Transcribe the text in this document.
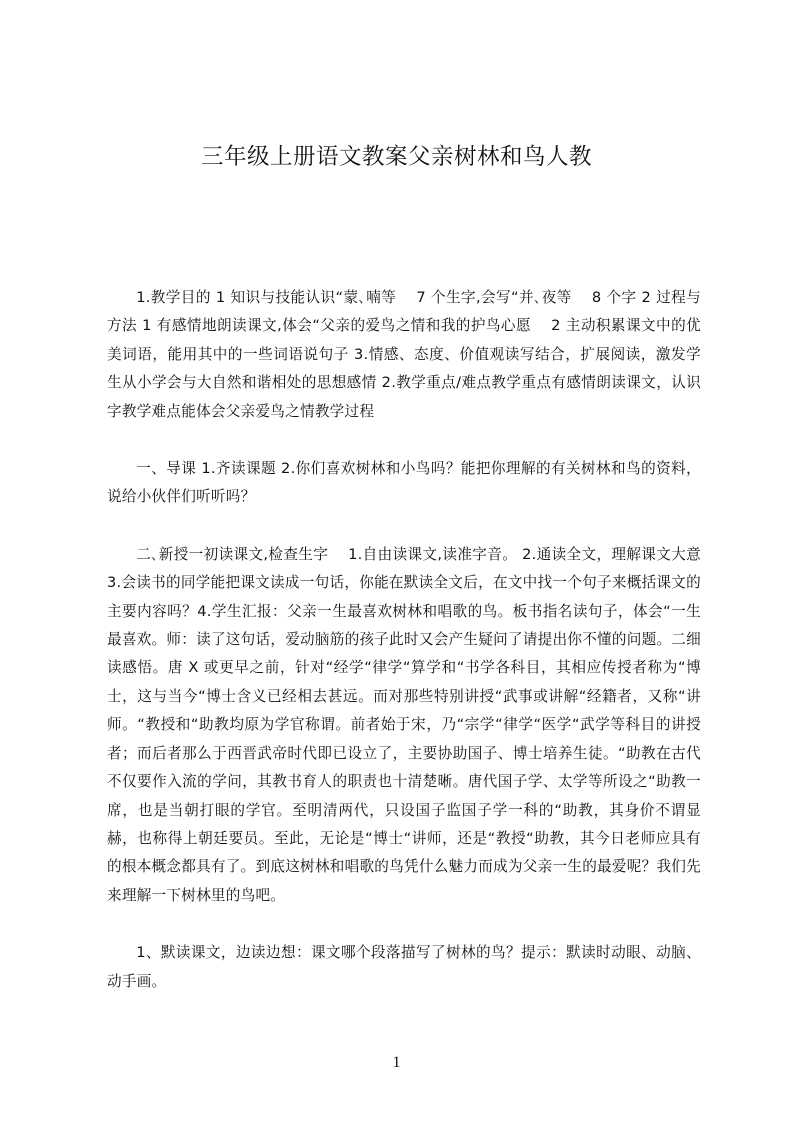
三年级上册语文教案父亲树林和鸟人教

1.教学目的 1 知识与技能认识“蒙､喃等　 7 个生字,会写“并､夜等　 8 个字 2 过程与方法 1 有感情地朗读课文,体会“父亲的爱鸟之情和我的护鸟心愿　 2 主动积累课文中的优美词语，能用其中的一些词语说句子 3.情感、态度、价值观读写结合，扩展阅读，激发学生从小学会与大自然和谐相处的思想感情 2.教学重点/难点教学重点有感情朗读课文，认识字教学难点能体会父亲爱鸟之情教学过程

一、导课 1.齐读课题 2.你们喜欢树林和小鸟吗？能把你理解的有关树林和鸟的资料，说给小伙伴们听听吗？

二､新授一初读课文,检查生字　 1.自由读课文,读准字音。 2.通读全文，理解课文大意 3.会读书的同学能把课文读成一句话，你能在默读全文后，在文中找一个句子来概括课文的主要内容吗？4.学生汇报：父亲一生最喜欢树林和唱歌的鸟。板书指名读句子，体会“一生最喜欢。师：读了这句话，爱动脑筋的孩子此时又会产生疑问了请提出你不懂的问题。二细读感悟。唐 X 或更早之前，针对“经学“律学“算学和“书学各科目，其相应传授者称为“博士，这与当今“博士含义已经相去甚远。而对那些特别讲授“武事或讲解“经籍者，又称“讲师。“教授和“助教均原为学官称谓。前者始于宋，乃“宗学“律学“医学“武学等科目的讲授者；而后者那么于西晋武帝时代即已设立了，主要协助国子、博士培养生徒。“助教在古代不仅要作入流的学问，其教书育人的职责也十清楚晰。唐代国子学、太学等所设之“助教一席，也是当朝打眼的学官。至明清两代，只设国子监国子学一科的“助教，其身价不谓显赫，也称得上朝廷要员。至此，无论是“博士“讲师，还是“教授“助教，其今日老师应具有的根本概念都具有了。到底这树林和唱歌的鸟凭什么魅力而成为父亲一生的最爱呢？我们先来理解一下树林里的鸟吧。

1、默读课文，边读边想：课文哪个段落描写了树林的鸟？提示：默读时动眼、动脑、动手画。

1
